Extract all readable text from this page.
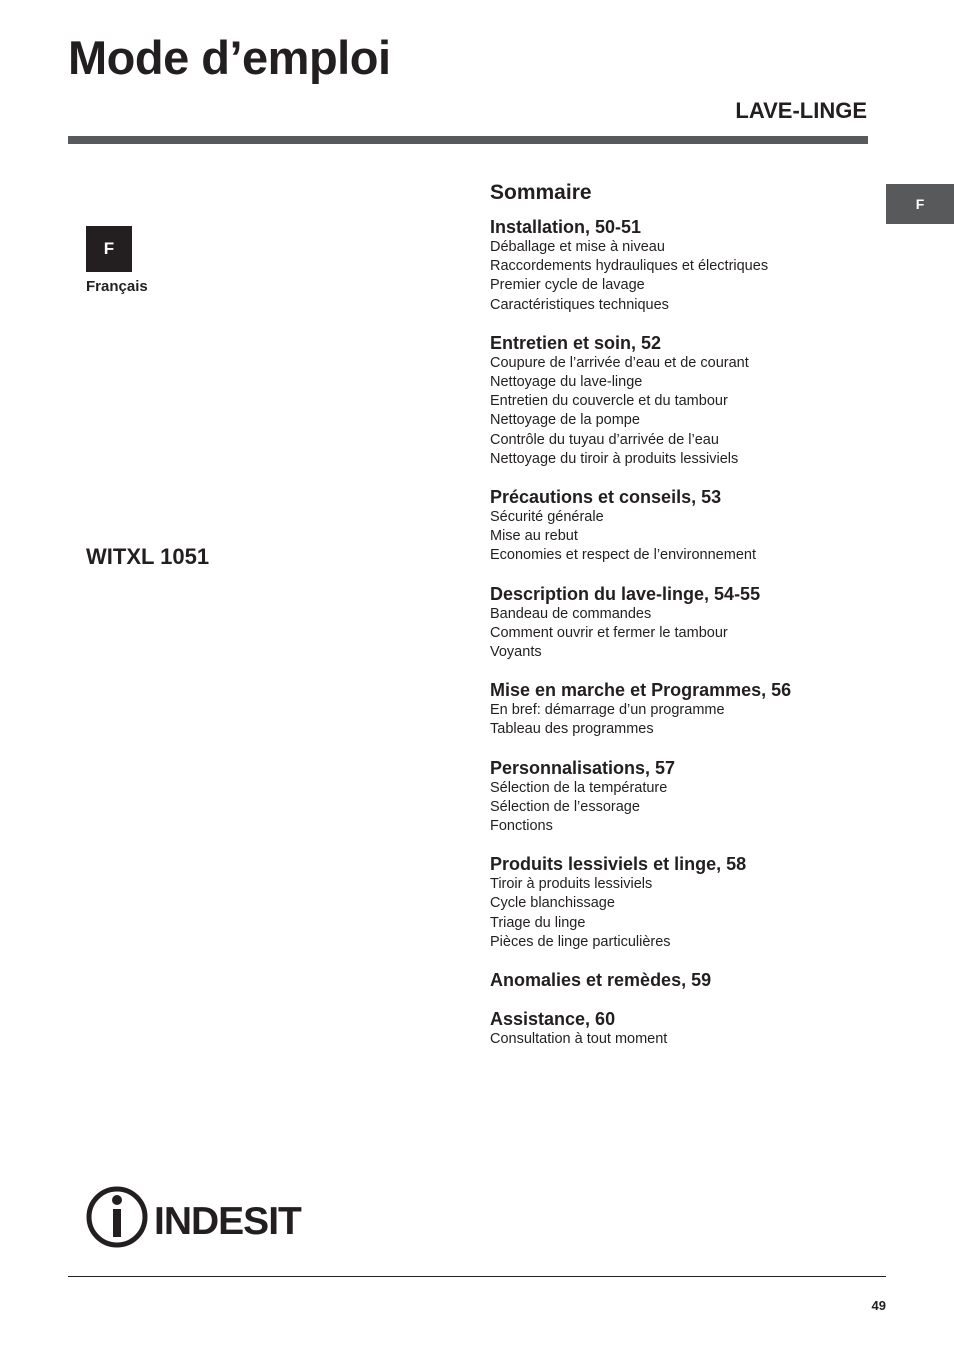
Mode d’emploi
LAVE-LINGE
F
Français
F
WITXL 1051
Sommaire
Installation, 50-51
Déballage et mise à niveau
Raccordements hydrauliques et électriques
Premier cycle de lavage
Caractéristiques techniques
Entretien et soin, 52
Coupure de l’arrivée d’eau et de courant
Nettoyage du lave-linge
Entretien du couvercle et du tambour
Nettoyage de la pompe
Contrôle du tuyau d’arrivée de l’eau
Nettoyage du tiroir à produits lessiviels
Précautions et conseils, 53
Sécurité générale
Mise au rebut
Economies et respect de l’environnement
Description du lave-linge, 54-55
Bandeau de commandes
Comment ouvrir et fermer le tambour
Voyants
Mise en marche et Programmes, 56
En bref: démarrage d’un programme
Tableau des programmes
Personnalisations, 57
Sélection de la température
Sélection de l’essorage
Fonctions
Produits lessiviels et linge, 58
Tiroir à produits lessiviels
Cycle blanchissage
Triage du linge
Pièces de linge particulières
Anomalies et remèdes, 59
Assistance, 60
Consultation à tout moment
INDESIT
49
